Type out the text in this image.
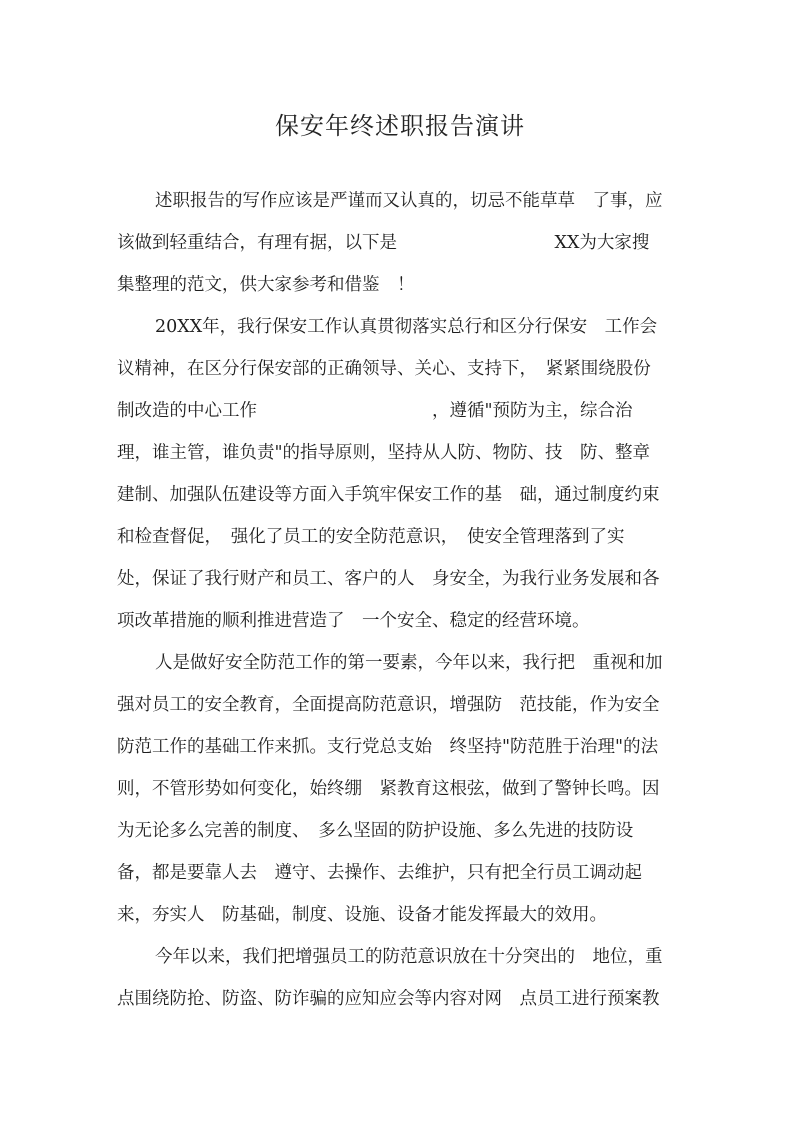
保安年终述职报告演讲
述职报告的写作应该是严谨而又认真的，切忌不能草草　了事，应
该做到轻重结合，有理有据，以下是　　　　　　　　　XX为大家搜
集整理的范文，供大家参考和借鉴　！
20XX年，我行保安工作认真贯彻落实总行和区分行保安　工作会
议精神，在区分行保安部的正确领导、关心、支持下，　紧紧围绕股份
制改造的中心工作　　　　　　　　　　，遵循"预防为主，综合治
理，谁主管，谁负责"的指导原则，坚持从人防、物防、技　防、整章
建制、加强队伍建设等方面入手筑牢保安工作的基　础，通过制度约束
和检查督促，　强化了员工的安全防范意识，　使安全管理落到了实
处，保证了我行财产和员工、客户的人　身安全，为我行业务发展和各
项改革措施的顺利推进营造了　一个安全、稳定的经营环境。
人是做好安全防范工作的第一要素，今年以来，我行把　重视和加
强对员工的安全教育，全面提高防范意识，增强防　范技能，作为安全
防范工作的基础工作来抓。支行党总支始　终坚持"防范胜于治理"的法
则，不管形势如何变化，始终绷　紧教育这根弦，做到了警钟长鸣。因
为无论多么完善的制度、　多么坚固的防护设施、多么先进的技防设
备，都是要靠人去　遵守、去操作、去维护，只有把全行员工调动起
来，夯实人　防基础，制度、设施、设备才能发挥最大的效用。
今年以来，我们把增强员工的防范意识放在十分突出的　地位，重
点围绕防抢、防盗、防诈骗的应知应会等内容对网　点员工进行预案教
